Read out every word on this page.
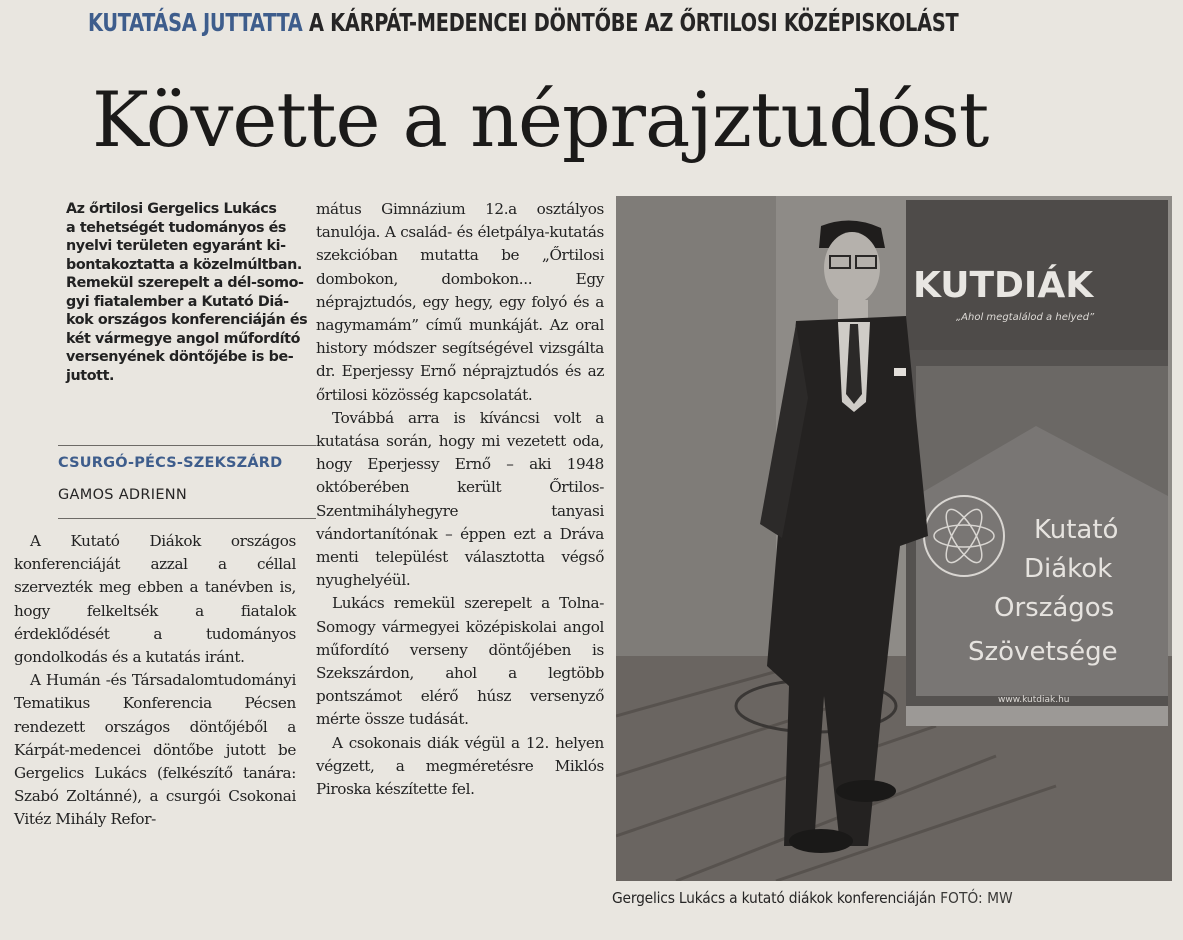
KUTATÁSA JUTTATTA A KÁRPÁT-MEDENCEI DÖNTŐBE AZ ŐRTILOSI KÖZÉPISKOLÁST
Követte a néprajztudóst

Az őrtilosi Gergelics Lukács

a tehetségét tudományos és

nyelvi területen egyaránt ki-

bontakoztatta a közelmúltban.

Remekül szerepelt a dél-somo-

gyi fiatalember a Kutató Diá-

kok országos konferenciáján és

két vármegye angol műfordító

versenyének döntőjébe is be-

jutott.

CSURGÓ-PÉCS-SZEKSZÁRD
GAMOS ADRIENN

A Kutató Diákok országos konferenciáját azzal a céllal szervezték meg ebben a tanévben is, hogy felkeltsék a fiatalok érdeklődését a tudományos gondolkodás és a kutatás iránt.

A Humán -és Társadalomtudományi Tematikus Konferencia Pécsen rendezett országos döntőjéből a Kárpát-medencei döntőbe jutott be Gergelics Lukács (felkészítő tanára: Szabó Zoltánné), a csurgói Csokonai Vitéz Mihály Refor-

mátus Gimnázium 12.a osztályos tanulója. A család- és életpálya-kutatás szekcióban mutatta be „Őrtilosi dombokon, dombokon... Egy néprajztudós, egy hegy, egy folyó és a nagymamám” című munkáját. Az oral history módszer segítségével vizsgálta dr. Eperjessy Ernő néprajztudós és az őrtilosi közösség kapcsolatát.

Továbbá arra is kíváncsi volt a kutatása során, hogy mi vezetett oda, hogy Eperjessy Ernő – aki 1948 októberében került Őrtilos-Szentmihályhegyre tanyasi vándortanítónak – éppen ezt a Dráva menti települést választotta végső nyughelyéül.

Lukács remekül szerepelt a Tolna-Somogy vármegyei középiskolai angol műfordító verseny döntőjében is Szekszárdon, ahol a legtöbb pontszámot elérő húsz versenyző mérte össze tudását.

A csokonais diák végül a 12. helyen végzett, a megméretésre Miklós Piroska készítette fel.

KUTDIÁK
„Ahol megtalálod a helyed”
Kutató
Diákok
Országos
Szövetsége
www.kutdiak.hu
Gergelics Lukács a kutató diákok konferenciáján FOTÓ: MW
